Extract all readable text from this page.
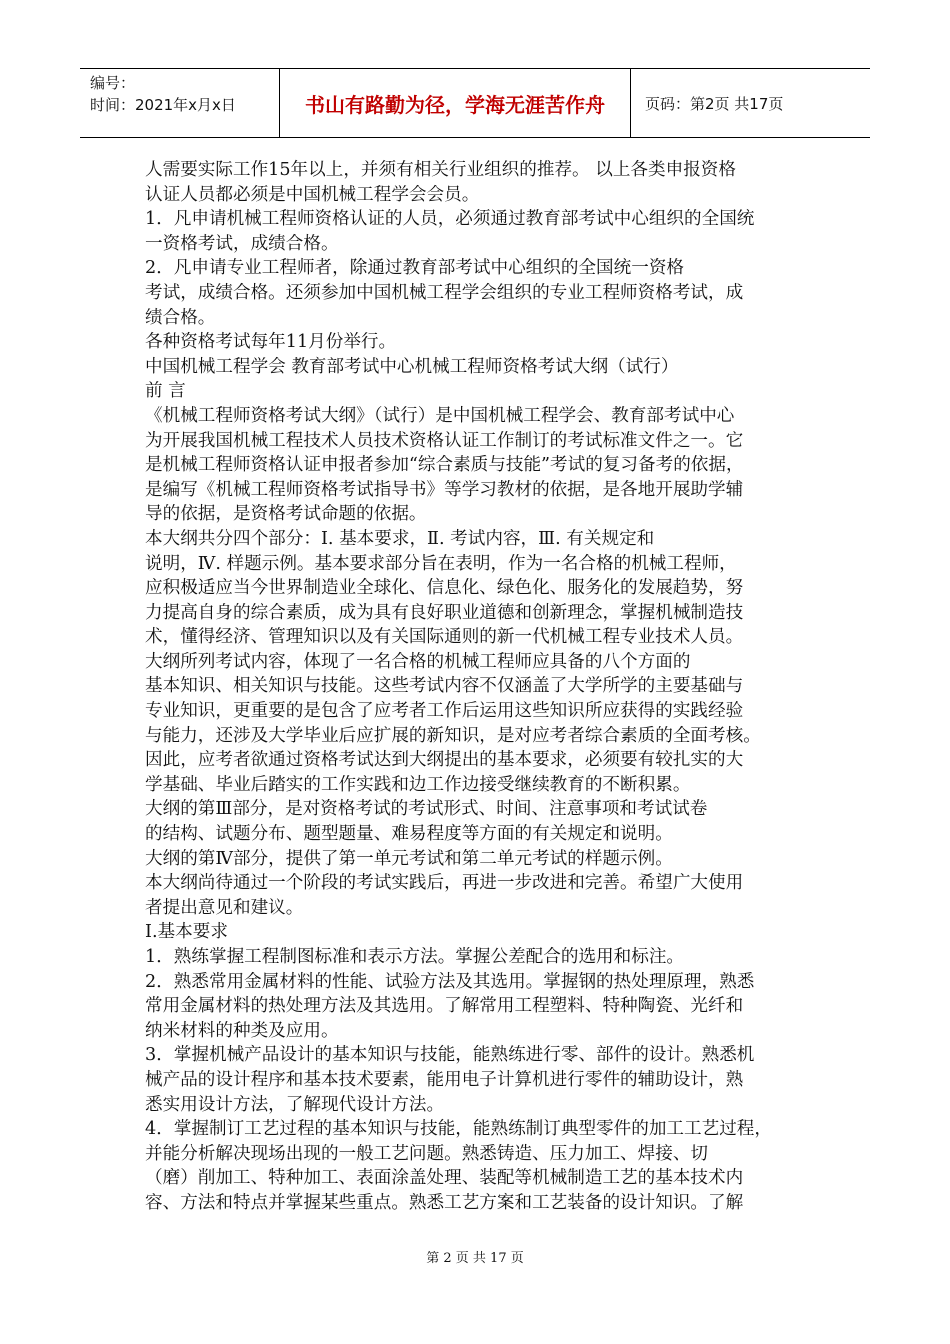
编号：
时间：2021年x月x日	书山有路勤为径，学海无涯苦作舟	页码：第2页 共17页

人需要实际工作15年以上，并须有相关行业组织的推荐。 以上各类申报资格

认证人员都必须是中国机械工程学会会员。

1．凡申请机械工程师资格认证的人员，必须通过教育部考试中心组织的全国统

一资格考试，成绩合格。

2．凡申请专业工程师者，除通过教育部考试中心组织的全国统一资格

考试，成绩合格。还须参加中国机械工程学会组织的专业工程师资格考试，成

绩合格。

各种资格考试每年11月份举行。

中国机械工程学会 教育部考试中心机械工程师资格考试大纲（试行）

前 言

《机械工程师资格考试大纲》（试行）是中国机械工程学会、教育部考试中心

为开展我国机械工程技术人员技术资格认证工作制订的考试标准文件之一。它

是机械工程师资格认证申报者参加“综合素质与技能”考试的复习备考的依据，

是编写《机械工程师资格考试指导书》等学习教材的依据，是各地开展助学辅

导的依据，是资格考试命题的依据。

本大纲共分四个部分：Ⅰ. 基本要求，Ⅱ. 考试内容，Ⅲ. 有关规定和

说明，Ⅳ. 样题示例。基本要求部分旨在表明，作为一名合格的机械工程师，

应积极适应当今世界制造业全球化、信息化、绿色化、服务化的发展趋势，努

力提高自身的综合素质，成为具有良好职业道德和创新理念，掌握机械制造技

术，懂得经济、管理知识以及有关国际通则的新一代机械工程专业技术人员。

大纲所列考试内容，体现了一名合格的机械工程师应具备的八个方面的

基本知识、相关知识与技能。这些考试内容不仅涵盖了大学所学的主要基础与

专业知识，更重要的是包含了应考者工作后运用这些知识所应获得的实践经验

与能力，还涉及大学毕业后应扩展的新知识，是对应考者综合素质的全面考核。

因此，应考者欲通过资格考试达到大纲提出的基本要求，必须要有较扎实的大

学基础、毕业后踏实的工作实践和边工作边接受继续教育的不断积累。

大纲的第Ⅲ部分，是对资格考试的考试形式、时间、注意事项和考试试卷

的结构、试题分布、题型题量、难易程度等方面的有关规定和说明。

大纲的第Ⅳ部分，提供了第一单元考试和第二单元考试的样题示例。

本大纲尚待通过一个阶段的考试实践后，再进一步改进和完善。希望广大使用

者提出意见和建议。

Ⅰ.基本要求

1．熟练掌握工程制图标准和表示方法。掌握公差配合的选用和标注。

2．熟悉常用金属材料的性能、试验方法及其选用。掌握钢的热处理原理，熟悉

常用金属材料的热处理方法及其选用。了解常用工程塑料、特种陶瓷、光纤和

纳米材料的种类及应用。

3．掌握机械产品设计的基本知识与技能，能熟练进行零、部件的设计。熟悉机

械产品的设计程序和基本技术要素，能用电子计算机进行零件的辅助设计，熟

悉实用设计方法，了解现代设计方法。

4．掌握制订工艺过程的基本知识与技能，能熟练制订典型零件的加工工艺过程，

并能分析解决现场出现的一般工艺问题。熟悉铸造、压力加工、焊接、切

（磨）削加工、特种加工、表面涂盖处理、装配等机械制造工艺的基本技术内

容、方法和特点并掌握某些重点。熟悉工艺方案和工艺装备的设计知识。了解

第 2 页 共 17 页
